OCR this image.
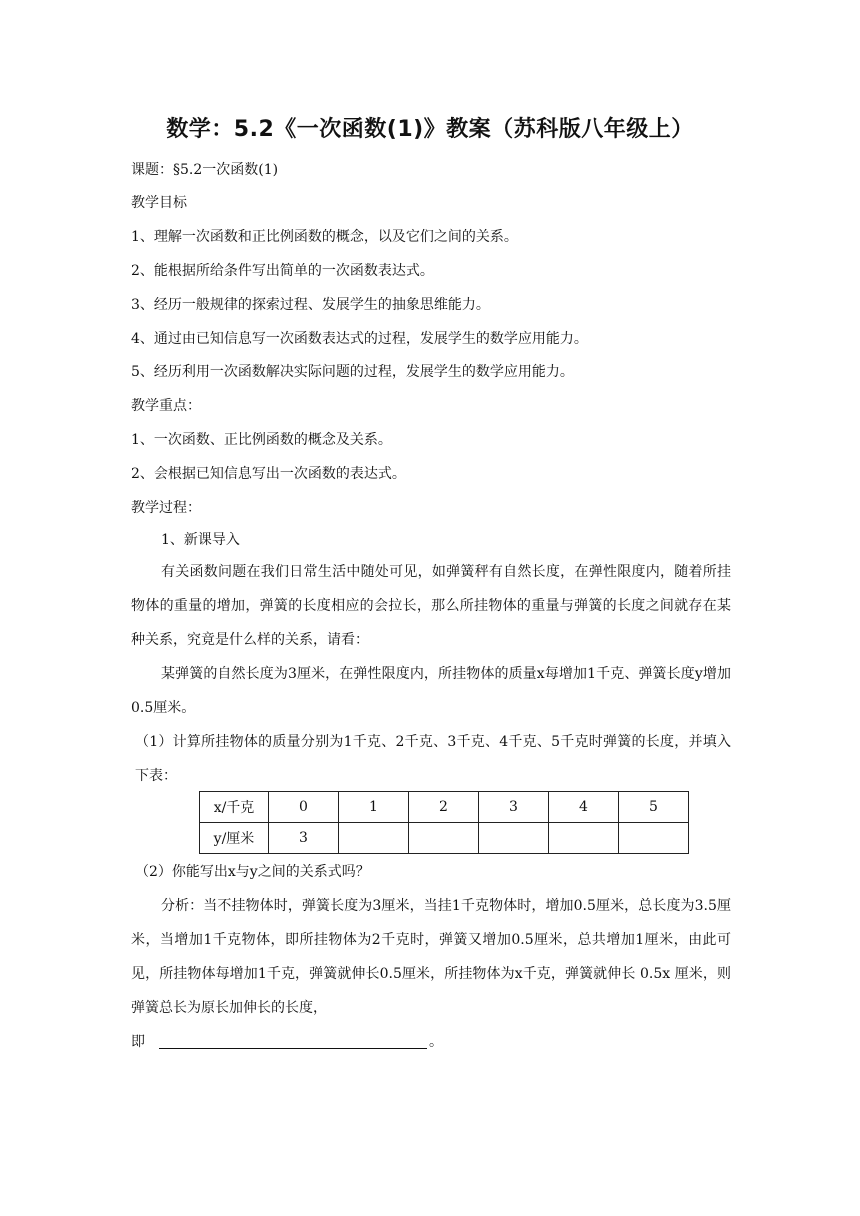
数学：5.2《一次函数(1)》教案（苏科版八年级上）
课题：§5.2一次函数(1)
教学目标
1、理解一次函数和正比例函数的概念，以及它们之间的关系。
2、能根据所给条件写出简单的一次函数表达式。
3、经历一般规律的探索过程、发展学生的抽象思维能力。
4、通过由已知信息写一次函数表达式的过程，发展学生的数学应用能力。
5、经历利用一次函数解决实际问题的过程，发展学生的数学应用能力。
教学重点：
1、一次函数、正比例函数的概念及关系。
2、会根据已知信息写出一次函数的表达式。
教学过程：
1、新课导入
有关函数问题在我们日常生活中随处可见，如弹簧秤有自然长度，在弹性限度内，随着所挂物体的重量的增加，弹簧的长度相应的会拉长，那么所挂物体的重量与弹簧的长度之间就存在某种关系，究竟是什么样的关系，请看：
某弹簧的自然长度为3厘米，在弹性限度内，所挂物体的质量x每增加1千克、弹簧长度y增加0.5厘米。
（1）计算所挂物体的质量分别为1千克、2千克、3千克、4千克、5千克时弹簧的长度，并填入下表：
x/千克	0	1	2	3	4	5
y/厘米	3					
（2）你能写出x与y之间的关系式吗？
分析：当不挂物体时，弹簧长度为3厘米，当挂1千克物体时，增加0.5厘米，总长度为3.5厘米，当增加1千克物体，即所挂物体为2千克时，弹簧又增加0.5厘米，总共增加1厘米，由此可见，所挂物体每增加1千克，弹簧就伸长0.5厘米，所挂物体为x千克，弹簧就伸长 0.5x 厘米，则弹簧总长为原长加伸长的长度，
即	。
